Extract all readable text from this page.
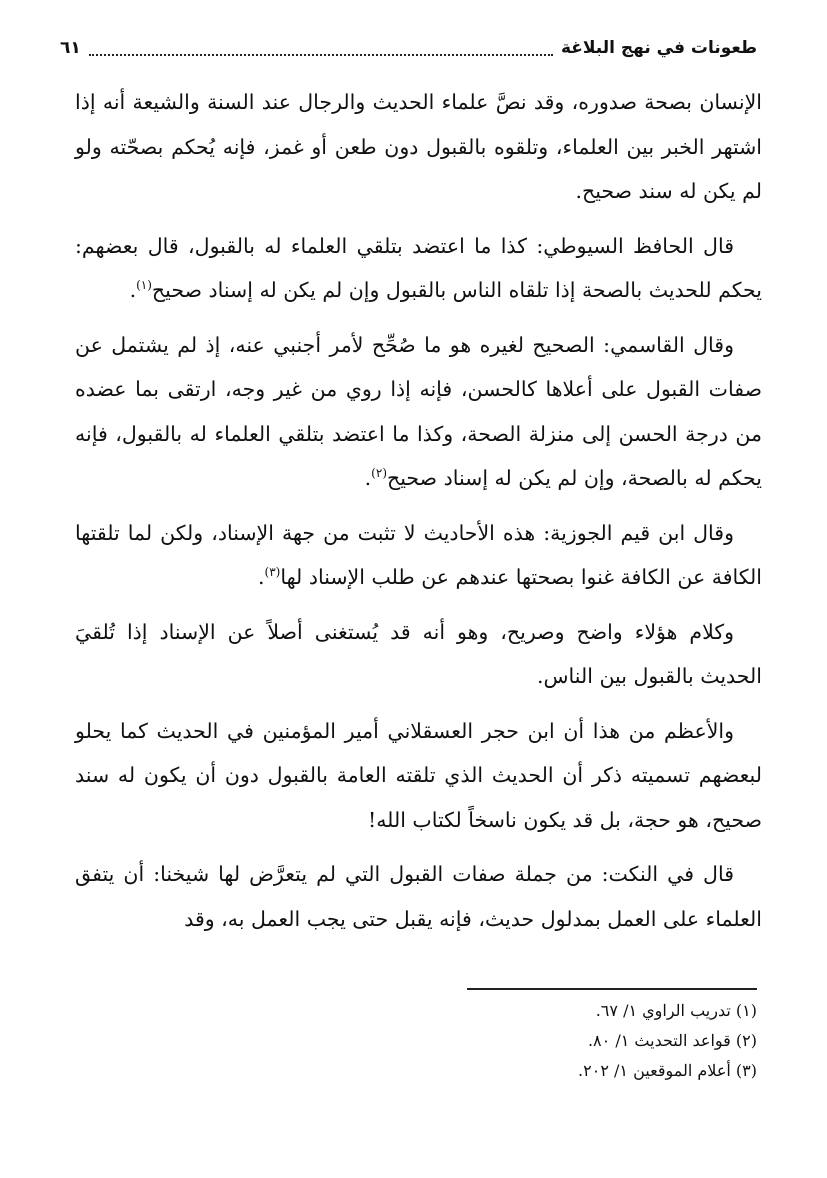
طعونات في نهج البلاغة
٦١

الإنسان بصحة صدوره، وقد نصَّ علماء الحديث والرجال عند السنة والشيعة أنه إذا اشتهر الخبر بين العلماء، وتلقوه بالقبول دون طعن أو غمز، فإنه يُحكم بصحّته ولو لم يكن له سند صحيح.

قال الحافظ السيوطي: كذا ما اعتضد بتلقي العلماء له بالقبول، قال بعضهم: يحكم للحديث بالصحة إذا تلقاه الناس بالقبول وإن لم يكن له إسناد صحيح$^{(١)}$.

وقال القاسمي: الصحيح لغيره هو ما صُحِّح لأمر أجنبي عنه، إذ لم يشتمل عن صفات القبول على أعلاها كالحسن، فإنه إذا روي من غير وجه، ارتقى بما عضده من درجة الحسن إلى منزلة الصحة، وكذا ما اعتضد بتلقي العلماء له بالقبول، فإنه يحكم له بالصحة، وإن لم يكن له إسناد صحيح$^{(٢)}$.

وقال ابن قيم الجوزية: هذه الأحاديث لا تثبت من جهة الإسناد، ولكن لما تلقتها الكافة عن الكافة غنوا بصحتها عندهم عن طلب الإسناد لها$^{(٣)}$.

وكلام هؤلاء واضح وصريح، وهو أنه قد يُستغنى أصلاً عن الإسناد إذا تُلقيَ الحديث بالقبول بين الناس.

والأعظم من هذا أن ابن حجر العسقلاني أمير المؤمنين في الحديث كما يحلو لبعضهم تسميته ذكر أن الحديث الذي تلقته العامة بالقبول دون أن يكون له سند صحيح، هو حجة، بل قد يكون ناسخاً لكتاب الله!

قال في النكت: من جملة صفات القبول التي لم يتعرَّض لها شيخنا: أن يتفق العلماء على العمل بمدلول حديث، فإنه يقبل حتى يجب العمل به، وقد

(١) تدريب الراوي ١/ ٦٧.

(٢) قواعد التحديث ١/ ٨٠.

(٣) أعلام الموقعين ١/ ٢٠٢.
